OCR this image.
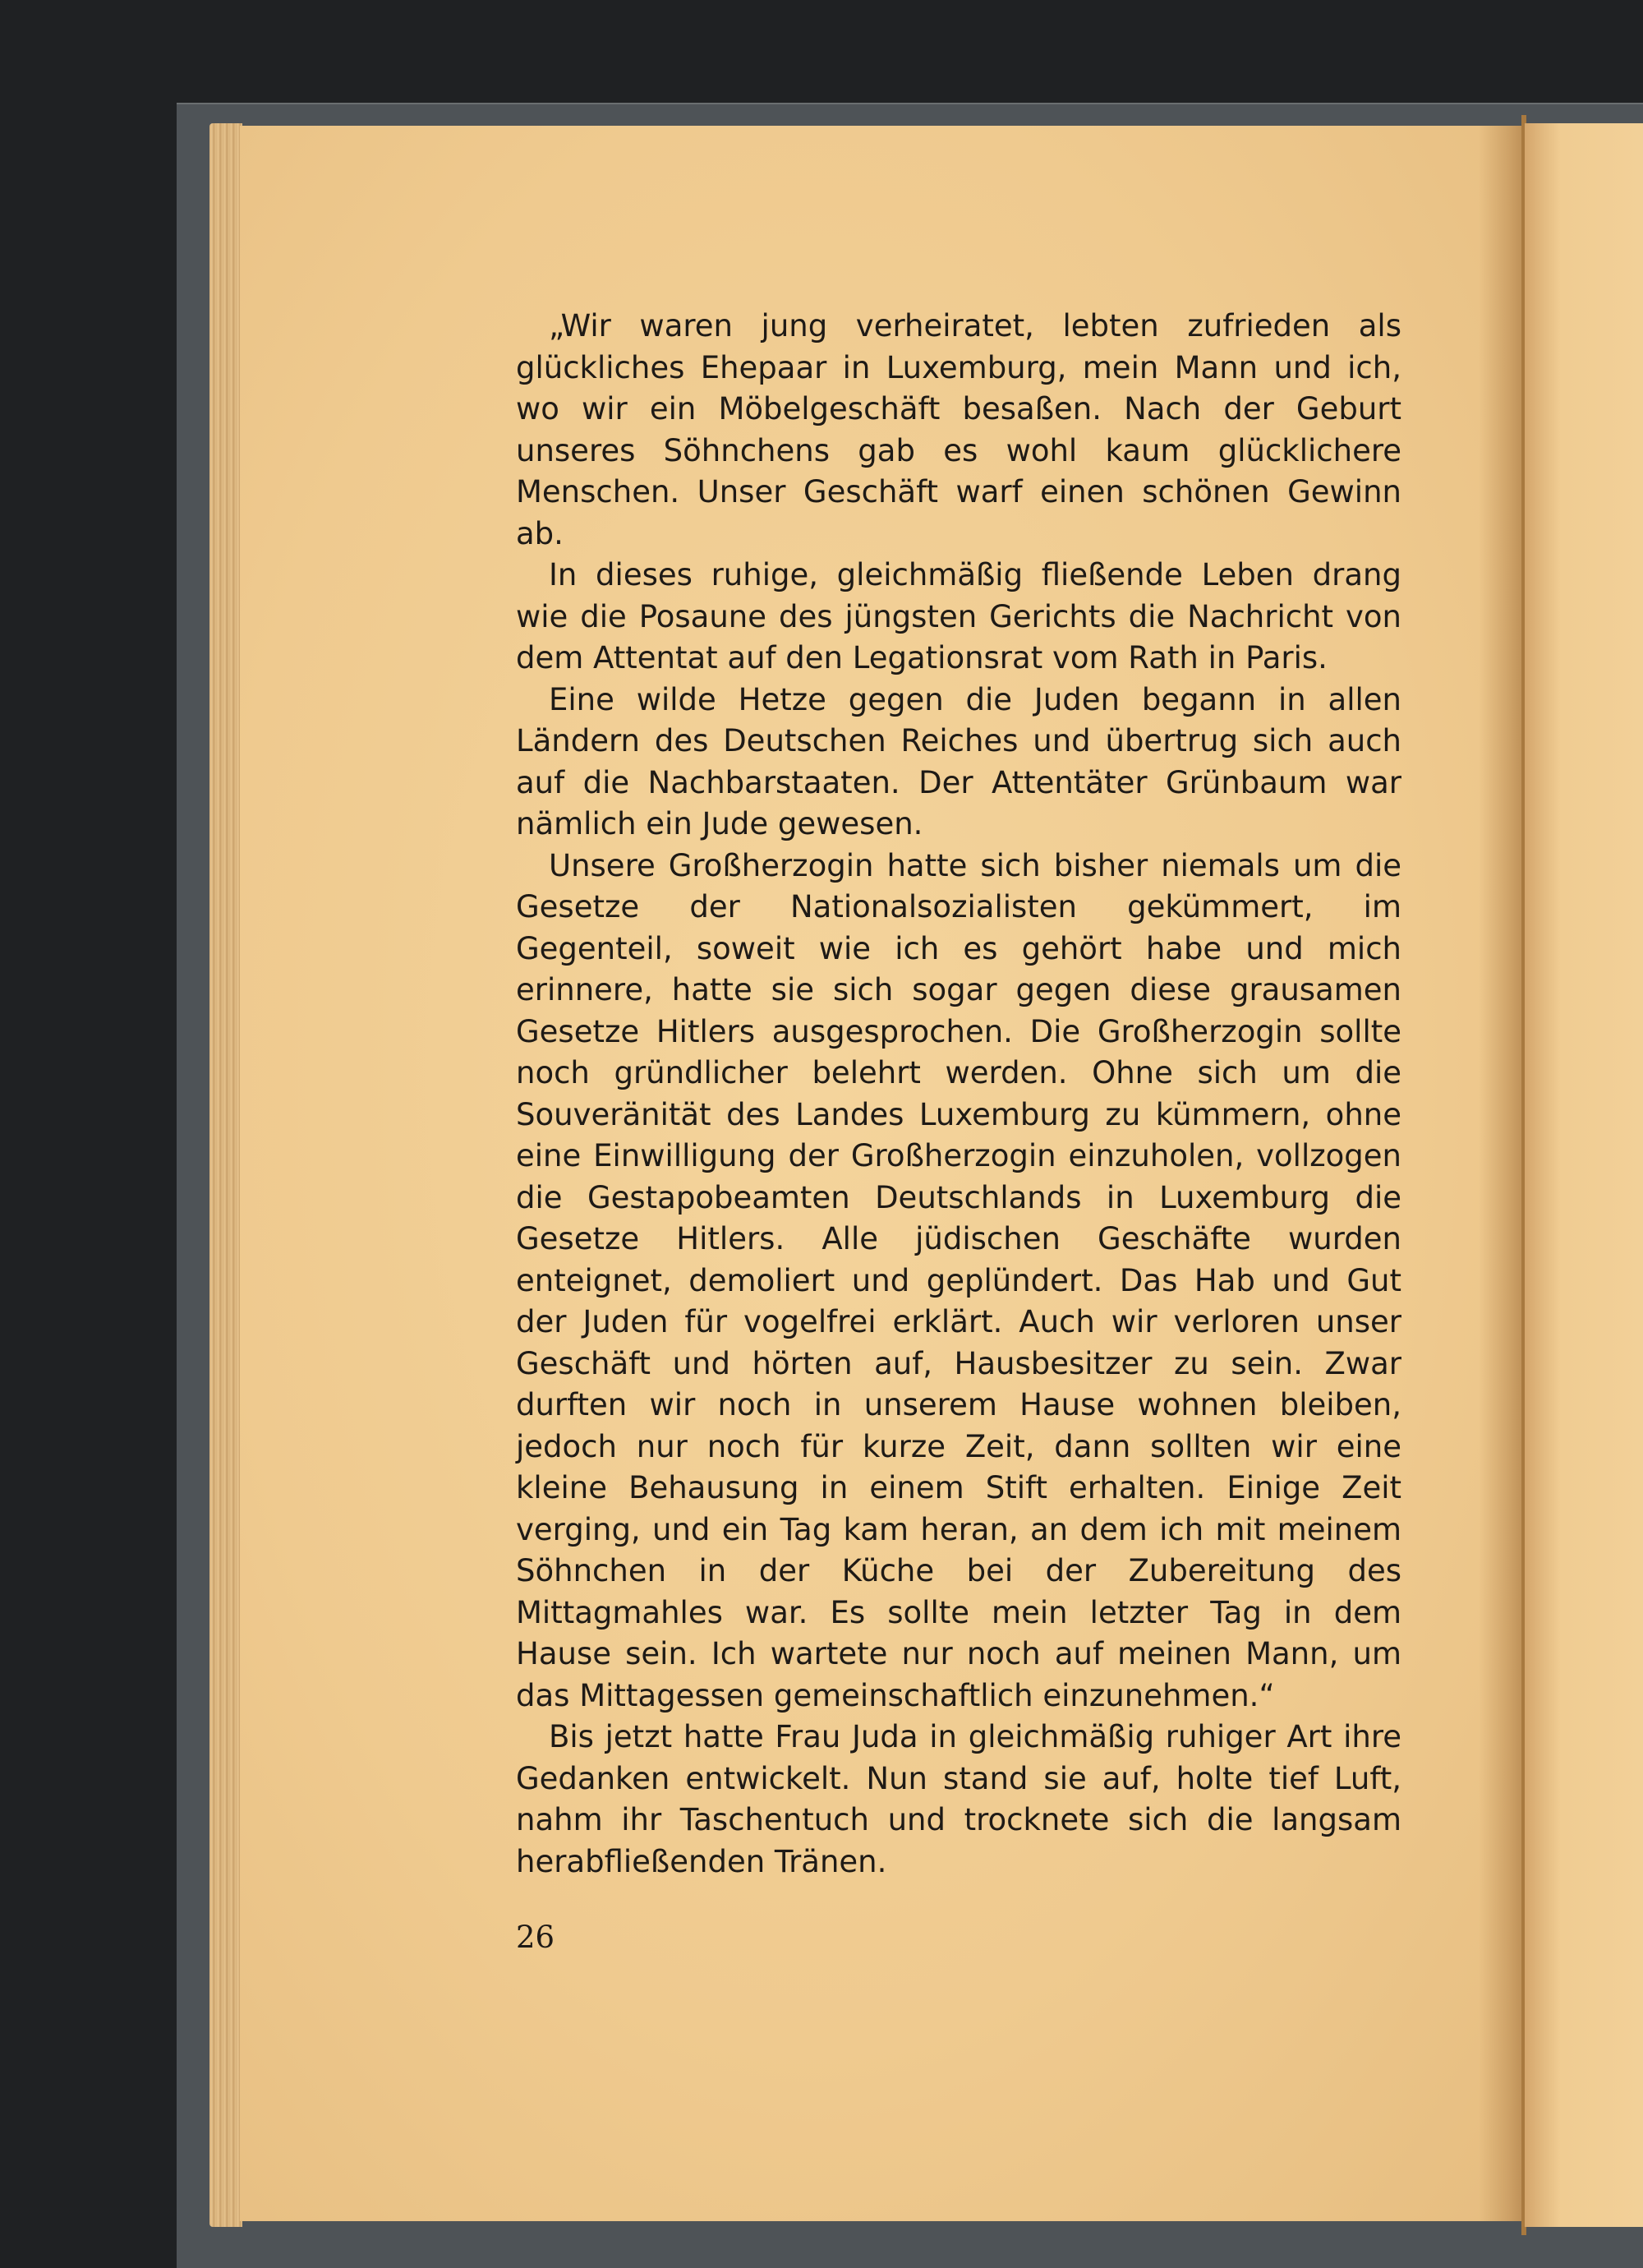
„Wir waren jung verheiratet, lebten zufrieden als glückliches Ehepaar in Luxemburg, mein Mann und ich, wo wir ein Möbelgeschäft besaßen. Nach der Geburt unseres Söhnchens gab es wohl kaum glücklichere Menschen. Unser Geschäft warf einen schönen Gewinn ab.

In dieses ruhige, gleichmäßig fließende Leben drang wie die Posaune des jüngsten Gerichts die Nachricht von dem Attentat auf den Legationsrat vom Rath in Paris.

Eine wilde Hetze gegen die Juden begann in allen Ländern des Deutschen Reiches und übertrug sich auch auf die Nachbarstaaten. Der Attentäter Grünbaum war nämlich ein Jude gewesen.

Unsere Großherzogin hatte sich bisher niemals um die Gesetze der Nationalsozialisten gekümmert, im Gegenteil, soweit wie ich es gehört habe und mich erinnere, hatte sie sich sogar gegen diese grausamen Gesetze Hitlers ausgesprochen. Die Großherzogin sollte noch gründlicher belehrt werden. Ohne sich um die Souveränität des Landes Luxemburg zu kümmern, ohne eine Einwilligung der Großherzogin einzuholen, vollzogen die Gestapobeamten Deutschlands in Luxemburg die Gesetze Hitlers. Alle jüdischen Geschäfte wurden enteignet, demoliert und geplündert. Das Hab und Gut der Juden für vogelfrei erklärt. Auch wir verloren unser Geschäft und hörten auf, Hausbesitzer zu sein. Zwar durften wir noch in unserem Hause wohnen bleiben, jedoch nur noch für kurze Zeit, dann sollten wir eine kleine Behausung in einem Stift erhalten. Einige Zeit verging, und ein Tag kam heran, an dem ich mit meinem Söhnchen in der Küche bei der Zubereitung des Mittagmahles war. Es sollte mein letzter Tag in dem Hause sein. Ich wartete nur noch auf meinen Mann, um das Mittagessen gemeinschaftlich einzunehmen.“

Bis jetzt hatte Frau Juda in gleichmäßig ruhiger Art ihre Gedanken entwickelt. Nun stand sie auf, holte tief Luft, nahm ihr Taschentuch und trocknete sich die langsam herabfließenden Tränen.

26
